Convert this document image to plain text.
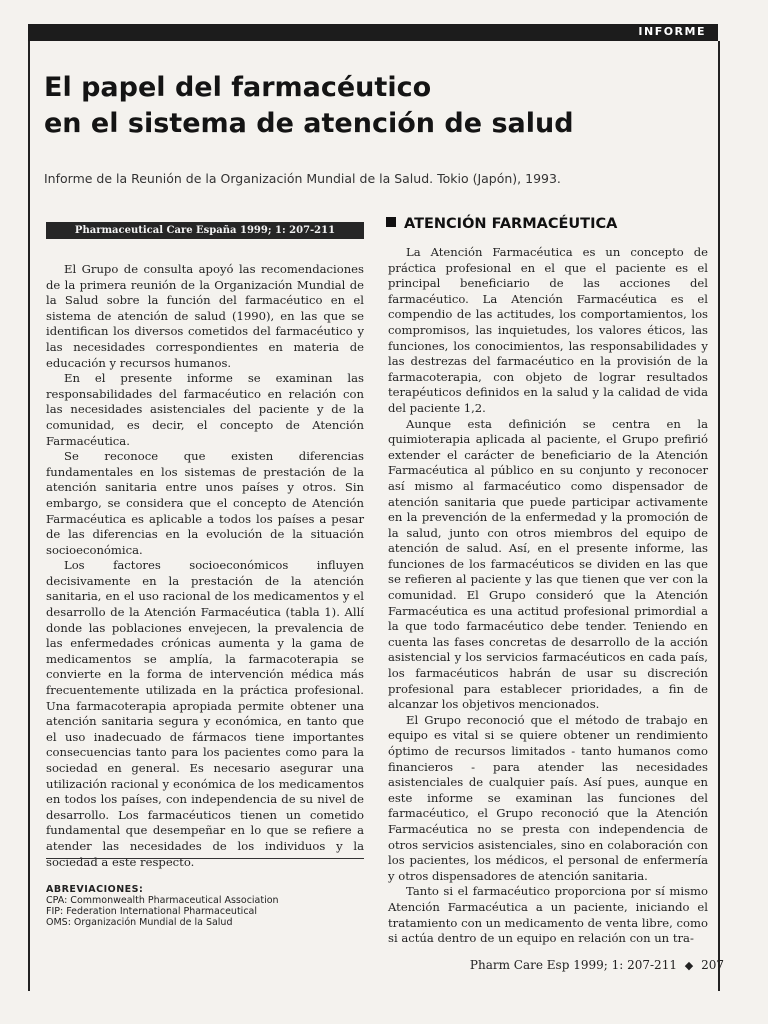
INFORME
El papel del farmacéutico
en el sistema de atención de salud
Informe de la Reunión de la Organización Mundial de la Salud. Tokio (Japón), 1993.
Pharmaceutical Care España 1999; 1: 207-211

El Grupo de consulta apoyó las recomendaciones de la primera reunión de la Organización Mundial de la Salud sobre la función del farmacéutico en el sistema de atención de salud (1990), en las que se identifican los diversos cometidos del farmacéutico y las necesidades correspondientes en materia de educación y recursos humanos.

En el presente informe se examinan las responsabilidades del farmacéutico en relación con las necesidades asistenciales del paciente y de la comunidad, es decir, el concepto de Atención Farmacéutica.

Se reconoce que existen diferencias fundamentales en los sistemas de prestación de la atención sanitaria entre unos países y otros. Sin embargo, se considera que el concepto de Atención Farmacéutica es aplicable a todos los países a pesar de las diferencias en la evolución de la situación socioeconómica.

Los factores socioeconómicos influyen decisivamente en la prestación de la atención sanitaria, en el uso racional de los medicamentos y el desarrollo de la Atención Farmacéutica (tabla 1). Allí donde las poblaciones envejecen, la prevalencia de las enfermedades crónicas aumenta y la gama de medicamentos se amplía, la farmacoterapia se convierte en la forma de intervención médica más frecuentemente utilizada en la práctica profesional. Una farmacoterapia apropiada permite obtener una atención sanitaria segura y económica, en tanto que el uso inadecuado de fármacos tiene importantes consecuencias tanto para los pacientes como para la sociedad en general. Es necesario asegurar una utilización racional y económica de los medicamentos en todos los países, con independencia de su nivel de desarrollo. Los farmacéuticos tienen un cometido fundamental que desempeñar en lo que se refiere a atender las necesidades de los individuos y la sociedad a este respecto.

ABREVIACIONES:
CPA: Commonwealth Pharmaceutical Association
FIP: Federation International Pharmaceutical
OMS: Organización Mundial de la Salud
ATENCIÓN FARMACÉUTICA

La Atención Farmacéutica es un concepto de práctica profesional en el que el paciente es el principal beneficiario de las acciones del farmacéutico. La Atención Farmacéutica es el compendio de las actitudes, los comportamientos, los compromisos, las inquietudes, los valores éticos, las funciones, los conocimientos, las responsabilidades y las destrezas del farmacéutico en la provisión de la farmacoterapia, con objeto de lograr resultados terapéuticos definidos en la salud y la calidad de vida del paciente 1,2.

Aunque esta definición se centra en la quimioterapia aplicada al paciente, el Grupo prefirió extender el carácter de beneficiario de la Atención Farmacéutica al público en su conjunto y reconocer así mismo al farmacéutico como dispensador de atención sanitaria que puede participar activamente en la prevención de la enfermedad y la promoción de la salud, junto con otros miembros del equipo de atención de salud. Así, en el presente informe, las funciones de los farmacéuticos se dividen en las que se refieren al paciente y las que tienen que ver con la comunidad. El Grupo consideró que la Atención Farmacéutica es una actitud profesional primordial a la que todo farmacéutico debe tender. Teniendo en cuenta las fases concretas de desarrollo de la acción asistencial y los servicios farmacéuticos en cada país, los farmacéuticos habrán de usar su discreción profesional para establecer prioridades, a fin de alcanzar los objetivos mencionados.

El Grupo reconoció que el método de trabajo en equipo es vital si se quiere obtener un rendimiento óptimo de recursos limitados - tanto humanos como financieros - para atender las necesidades asistenciales de cualquier país. Así pues, aunque en este informe se examinan las funciones del farmacéutico, el Grupo reconoció que la Atención Farmacéutica no se presta con independencia de otros servicios asistenciales, sino en colaboración con los pacientes, los médicos, el personal de enfermería y otros dispensadores de atención sanitaria.

Tanto si el farmacéutico proporciona por sí mismo Atención Farmacéutica a un paciente, iniciando el tratamiento con un medicamento de venta libre, como si actúa dentro de un equipo en relación con un tra-

Pharm Care Esp 1999; 1: 207-211 ◆ 207
